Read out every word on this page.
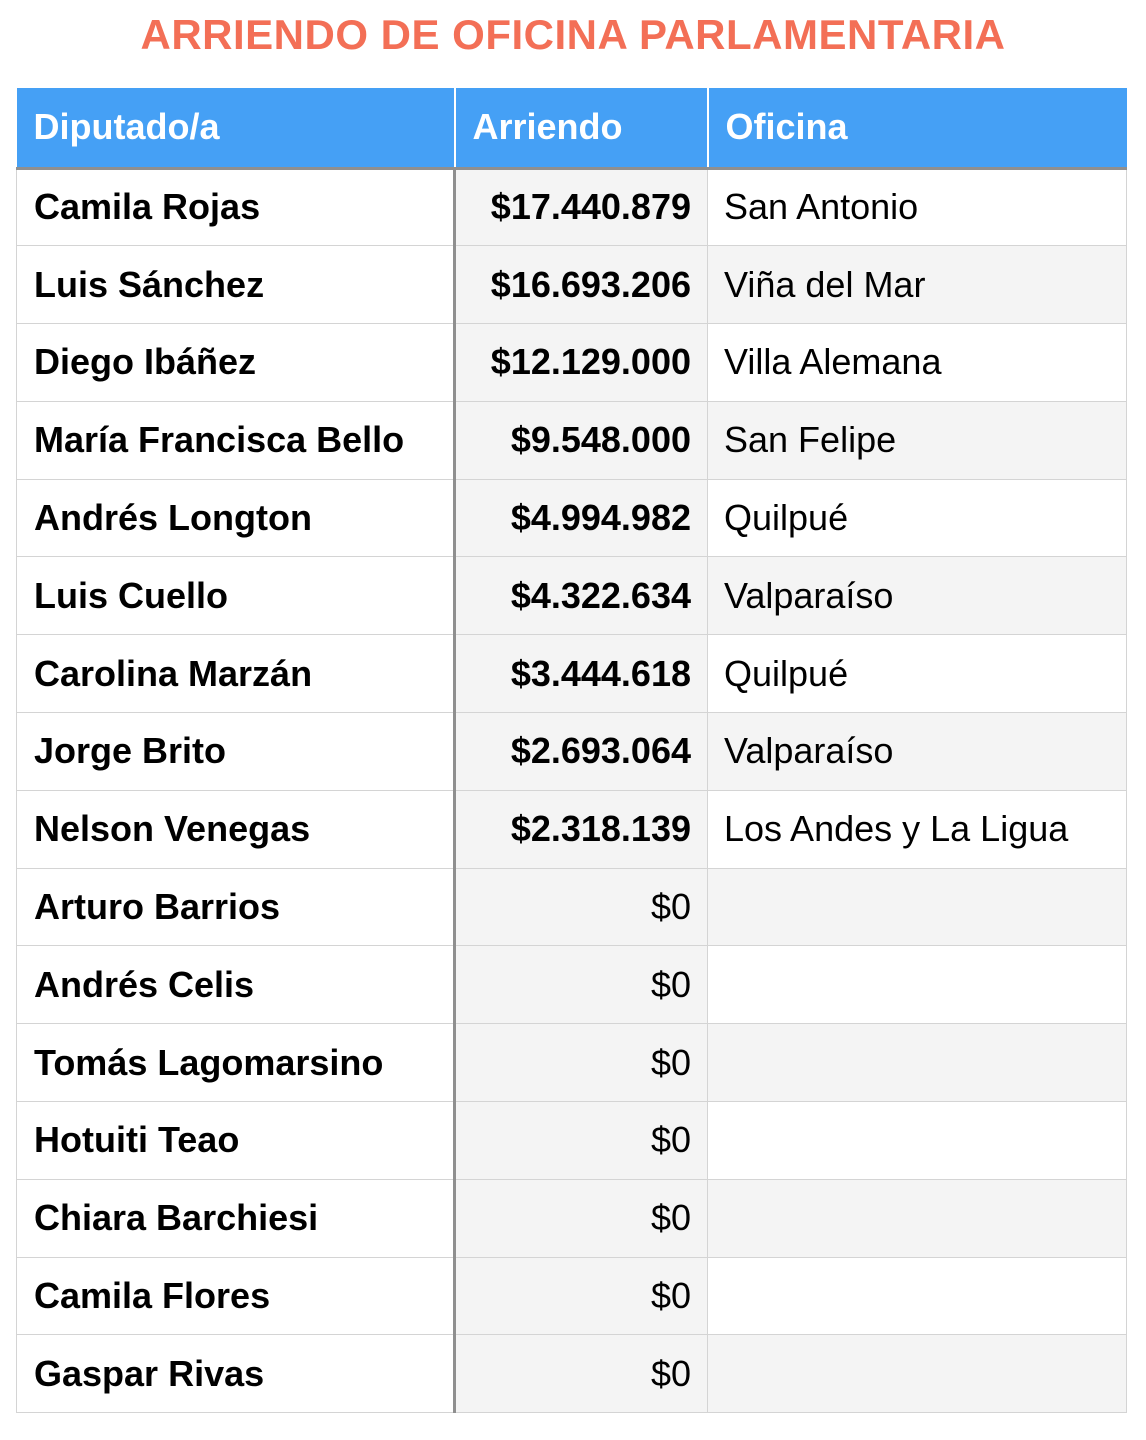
ARRIENDO DE OFICINA PARLAMENTARIA
Diputado/a	Arriendo	Oficina
Camila Rojas	$17.440.879	San Antonio
Luis Sánchez	$16.693.206	Viña del Mar
Diego Ibáñez	$12.129.000	Villa Alemana
María Francisca Bello	$9.548.000	San Felipe
Andrés Longton	$4.994.982	Quilpué
Luis Cuello	$4.322.634	Valparaíso
Carolina Marzán	$3.444.618	Quilpué
Jorge Brito	$2.693.064	Valparaíso
Nelson Venegas	$2.318.139	Los Andes y La Ligua
Arturo Barrios	$0	
Andrés Celis	$0	
Tomás Lagomarsino	$0	
Hotuiti Teao	$0	
Chiara Barchiesi	$0	
Camila Flores	$0	
Gaspar Rivas	$0	
